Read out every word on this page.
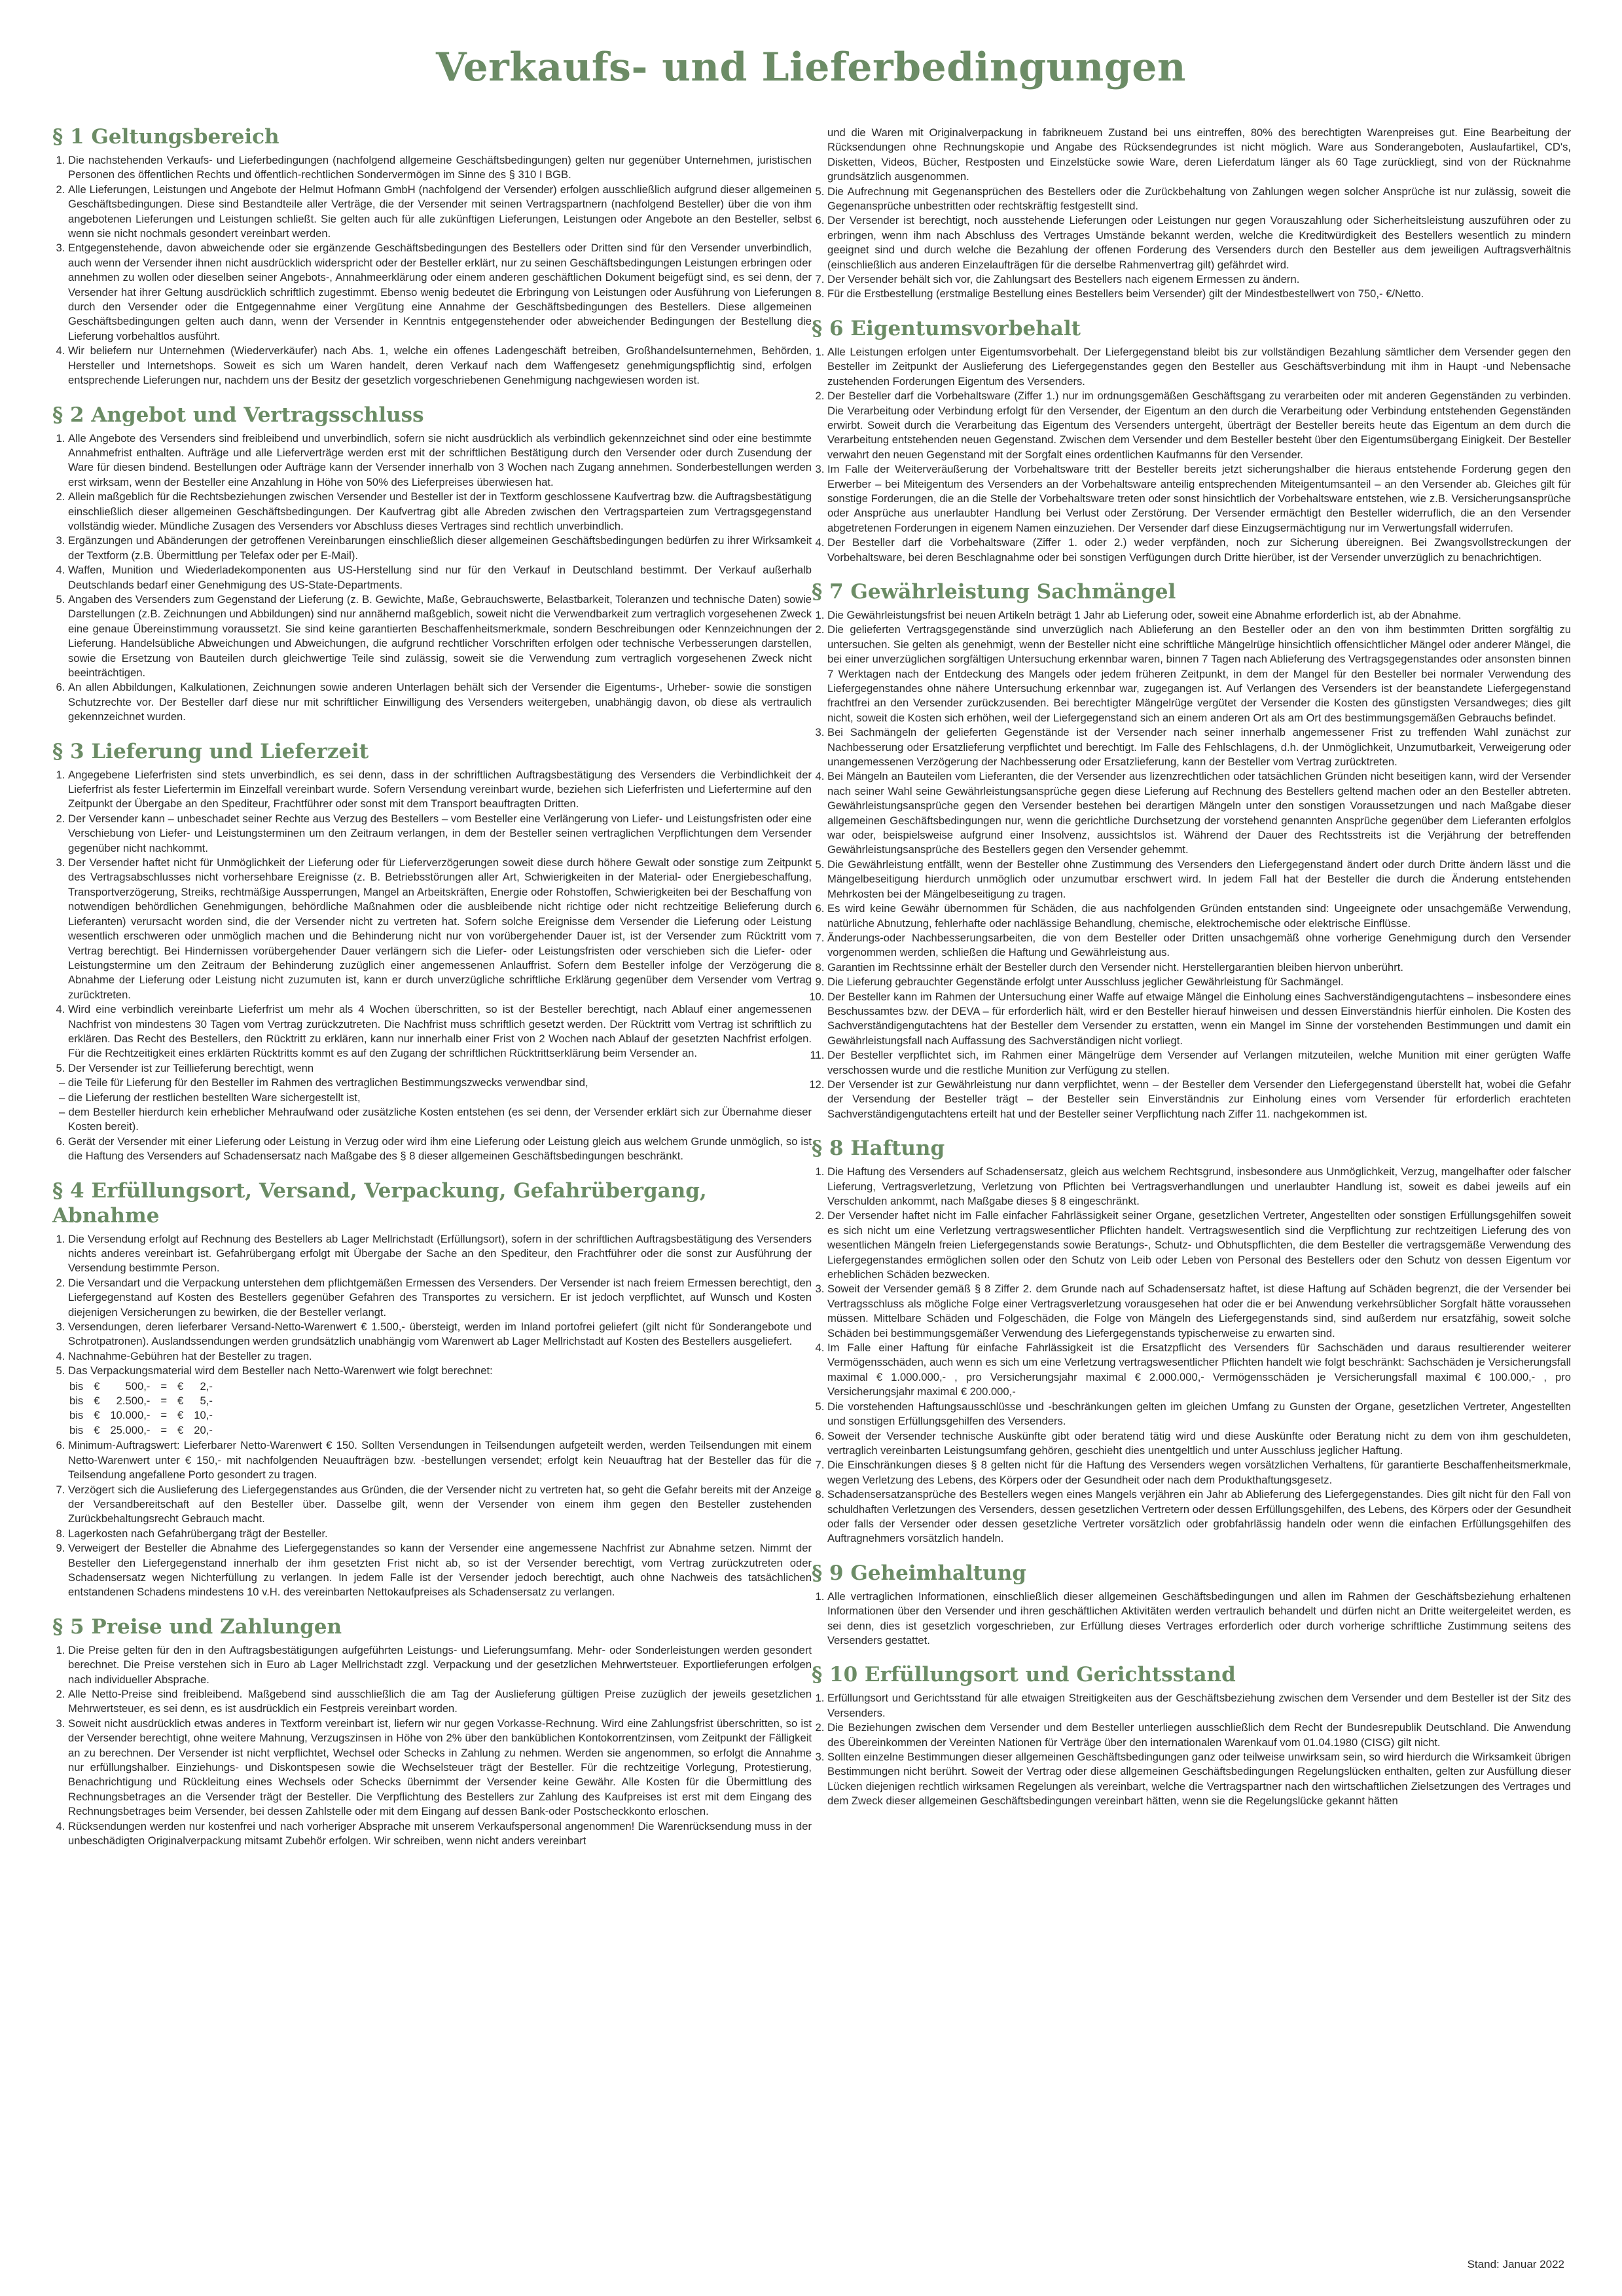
Verkaufs- und Lieferbedingungen
§ 1 Geltungsbereich
1. Die nachstehenden Verkaufs- und Lieferbedingungen (nachfolgend allgemeine Geschäftsbedingungen) gelten nur gegenüber Unternehmen, juristischen Personen des öffentlichen Rechts und öffentlich-rechtlichen Sondervermögen im Sinne des § 310 I BGB.
2. Alle Lieferungen, Leistungen und Angebote der Helmut Hofmann GmbH (nachfolgend der Versender) erfolgen ausschließlich aufgrund dieser allgemeinen Geschäftsbedingungen. Diese sind Bestandteile aller Verträge, die der Versender mit seinen Vertragspartnern (nachfolgend Besteller) über die von ihm angebotenen Lieferungen und Leistungen schließt. Sie gelten auch für alle zukünftigen Lieferungen, Leistungen oder Angebote an den Besteller, selbst wenn sie nicht nochmals gesondert vereinbart werden.
3. Entgegenstehende, davon abweichende oder sie ergänzende Geschäftsbedingungen des Bestellers oder Dritten sind für den Versender unverbindlich, auch wenn der Versender ihnen nicht ausdrücklich widerspricht oder der Besteller erklärt, nur zu seinen Geschäftsbedingungen Leistungen erbringen oder annehmen zu wollen oder dieselben seiner Angebots-, Annahmeerklärung oder einem anderen geschäftlichen Dokument beigefügt sind, es sei denn, der Versender hat ihrer Geltung ausdrücklich schriftlich zugestimmt. Ebenso wenig bedeutet die Erbringung von Leistungen oder Ausführung von Lieferungen durch den Versender oder die Entgegennahme einer Vergütung eine Annahme der Geschäftsbedingungen des Bestellers. Diese allgemeinen Geschäftsbedingungen gelten auch dann, wenn der Versender in Kenntnis entgegenstehender oder abweichender Bedingungen der Bestellung die Lieferung vorbehaltlos ausführt.
4. Wir beliefern nur Unternehmen (Wiederverkäufer) nach Abs. 1, welche ein offenes Ladengeschäft betreiben, Großhandelsunternehmen, Behörden, Hersteller und Internetshops. Soweit es sich um Waren handelt, deren Verkauf nach dem Waffengesetz genehmigungspflichtig sind, erfolgen entsprechende Lieferungen nur, nachdem uns der Besitz der gesetzlich vorgeschriebenen Genehmigung nachgewiesen worden ist.
§ 2 Angebot und Vertragsschluss
1. Alle Angebote des Versenders sind freibleibend und unverbindlich, sofern sie nicht ausdrücklich als verbindlich gekennzeichnet sind oder eine bestimmte Annahmefrist enthalten. Aufträge und alle Lieferverträge werden erst mit der schriftlichen Bestätigung durch den Versender oder durch Zusendung der Ware für diesen bindend. Bestellungen oder Aufträge kann der Versender innerhalb von 3 Wochen nach Zugang annehmen. Sonderbestellungen werden erst wirksam, wenn der Besteller eine Anzahlung in Höhe von 50% des Lieferpreises überwiesen hat.
2. Allein maßgeblich für die Rechtsbeziehungen zwischen Versender und Besteller ist der in Textform geschlossene Kaufvertrag bzw. die Auftragsbestätigung einschließlich dieser allgemeinen Geschäftsbedingungen. Der Kaufvertrag gibt alle Abreden zwischen den Vertragsparteien zum Vertragsgegenstand vollständig wieder. Mündliche Zusagen des Versenders vor Abschluss dieses Vertrages sind rechtlich unverbindlich.
3. Ergänzungen und Abänderungen der getroffenen Vereinbarungen einschließlich dieser allgemeinen Geschäftsbedingungen bedürfen zu ihrer Wirksamkeit der Textform (z.B. Übermittlung per Telefax oder per E-Mail).
4. Waffen, Munition und Wiederladekomponenten aus US-Herstellung sind nur für den Verkauf in Deutschland bestimmt. Der Verkauf außerhalb Deutschlands bedarf einer Genehmigung des US-State-Departments.
5. Angaben des Versenders zum Gegenstand der Lieferung (z. B. Gewichte, Maße, Gebrauchswerte, Belastbarkeit, Toleranzen und technische Daten) sowie Darstellungen (z.B. Zeichnungen und Abbildungen) sind nur annähernd maßgeblich, soweit nicht die Verwendbarkeit zum vertraglich vorgesehenen Zweck eine genaue Übereinstimmung voraussetzt. Sie sind keine garantierten Beschaffenheitsmerkmale, sondern Beschreibungen oder Kennzeichnungen der Lieferung. Handelsübliche Abweichungen und Abweichungen, die aufgrund rechtlicher Vorschriften erfolgen oder technische Verbesserungen darstellen, sowie die Ersetzung von Bauteilen durch gleichwertige Teile sind zulässig, soweit sie die Verwendung zum vertraglich vorgesehenen Zweck nicht beeinträchtigen.
6. An allen Abbildungen, Kalkulationen, Zeichnungen sowie anderen Unterlagen behält sich der Versender die Eigentums-, Urheber- sowie die sonstigen Schutzrechte vor. Der Besteller darf diese nur mit schriftlicher Einwilligung des Versenders weitergeben, unabhängig davon, ob diese als vertraulich gekennzeichnet wurden.
§ 3 Lieferung und Lieferzeit
1. Angegebene Lieferfristen sind stets unverbindlich, es sei denn, dass in der schriftlichen Auftragsbestätigung des Versenders die Verbindlichkeit der Lieferfrist als fester Liefertermin im Einzelfall vereinbart wurde. Sofern Versendung vereinbart wurde, beziehen sich Lieferfristen und Liefertermine auf den Zeitpunkt der Übergabe an den Spediteur, Frachtführer oder sonst mit dem Transport beauftragten Dritten.
2. Der Versender kann – unbeschadet seiner Rechte aus Verzug des Bestellers – vom Besteller eine Verlängerung von Liefer- und Leistungsfristen oder eine Verschiebung von Liefer- und Leistungsterminen um den Zeitraum verlangen, in dem der Besteller seinen vertraglichen Verpflichtungen dem Versender gegenüber nicht nachkommt.
3. Der Versender haftet nicht für Unmöglichkeit der Lieferung oder für Lieferverzögerungen soweit diese durch höhere Gewalt oder sonstige zum Zeitpunkt des Vertragsabschlusses nicht vorhersehbare Ereignisse (z. B. Betriebsstörungen aller Art, Schwierigkeiten in der Material- oder Energiebeschaffung, Transportverzögerung, Streiks, rechtmäßige Aussperrungen, Mangel an Arbeitskräften, Energie oder Rohstoffen, Schwierigkeiten bei der Beschaffung von notwendigen behördlichen Genehmigungen, behördliche Maßnahmen oder die ausbleibende nicht richtige oder nicht rechtzeitige Belieferung durch Lieferanten) verursacht worden sind, die der Versender nicht zu vertreten hat. Sofern solche Ereignisse dem Versender die Lieferung oder Leistung wesentlich erschweren oder unmöglich machen und die Behinderung nicht nur von vorübergehender Dauer ist, ist der Versender zum Rücktritt vom Vertrag berechtigt. Bei Hindernissen vorübergehender Dauer verlängern sich die Liefer- oder Leistungsfristen oder verschieben sich die Liefer- oder Leistungstermine um den Zeitraum der Behinderung zuzüglich einer angemessenen Anlauffrist. Sofern dem Besteller infolge der Verzögerung die Abnahme der Lieferung oder Leistung nicht zuzumuten ist, kann er durch unverzügliche schriftliche Erklärung gegenüber dem Versender vom Vertrag zurücktreten.
4. Wird eine verbindlich vereinbarte Lieferfrist um mehr als 4 Wochen überschritten, so ist der Besteller berechtigt, nach Ablauf einer angemessenen Nachfrist von mindestens 30 Tagen vom Vertrag zurückzutreten. Die Nachfrist muss schriftlich gesetzt werden. Der Rücktritt vom Vertrag ist schriftlich zu erklären. Das Recht des Bestellers, den Rücktritt zu erklären, kann nur innerhalb einer Frist von 2 Wochen nach Ablauf der gesetzten Nachfrist erfolgen. Für die Rechtzeitigkeit eines erklärten Rücktritts kommt es auf den Zugang der schriftlichen Rücktrittserklärung beim Versender an.
5. Der Versender ist zur Teillieferung berechtigt, wenn
– die Teile für Lieferung für den Besteller im Rahmen des vertraglichen Bestimmungszwecks verwendbar sind,
– die Lieferung der restlichen bestellten Ware sichergestellt ist,
– dem Besteller hierdurch kein erheblicher Mehraufwand oder zusätzliche Kosten entstehen (es sei denn, der Versender erklärt sich zur Übernahme dieser Kosten bereit).
6. Gerät der Versender mit einer Lieferung oder Leistung in Verzug oder wird ihm eine Lieferung oder Leistung gleich aus welchem Grunde unmöglich, so ist die Haftung des Versenders auf Schadensersatz nach Maßgabe des § 8 dieser allgemeinen Geschäftsbedingungen beschränkt.
§ 4 Erfüllungsort, Versand, Verpackung, Gefahrübergang, Abnahme
1. Die Versendung erfolgt auf Rechnung des Bestellers ab Lager Mellrichstadt (Erfüllungsort), sofern in der schriftlichen Auftragsbestätigung des Versenders nichts anderes vereinbart ist. Gefahrübergang erfolgt mit Übergabe der Sache an den Spediteur, den Frachtführer oder die sonst zur Ausführung der Versendung bestimmte Person.
2. Die Versandart und die Verpackung unterstehen dem pflichtgemäßen Ermessen des Versenders. Der Versender ist nach freiem Ermessen berechtigt, den Liefergegenstand auf Kosten des Bestellers gegenüber Gefahren des Transportes zu versichern. Er ist jedoch verpflichtet, auf Wunsch und Kosten diejenigen Versicherungen zu bewirken, die der Besteller verlangt.
3. Versendungen, deren lieferbarer Versand-Netto-Warenwert € 1.500,- übersteigt, werden im Inland portofrei geliefert (gilt nicht für Sonderangebote und Schrotpatronen). Auslandssendungen werden grundsätzlich unabhängig vom Warenwert ab Lager Mellrichstadt auf Kosten des Bestellers ausgeliefert.
4. Nachnahme-Gebühren hat der Besteller zu tragen.
5. Das Verpackungsmaterial wird dem Besteller nach Netto-Warenwert wie folgt berechnet:
bis	€	500,-	=	€	2,-
bis	€	2.500,-	=	€	5,-
bis	€	10.000,-	=	€	10,-
bis	€	25.000,-	=	€	20,-
6. Minimum-Auftragswert: Lieferbarer Netto-Warenwert € 150. Sollten Versendungen in Teilsendungen aufgeteilt werden, werden Teilsendungen mit einem Netto-Warenwert unter € 150,- mit nachfolgenden Neuaufträgen bzw. -bestellungen versendet; erfolgt kein Neuauftrag hat der Besteller das für die Teilsendung angefallene Porto gesondert zu tragen.
7. Verzögert sich die Auslieferung des Liefergegenstandes aus Gründen, die der Versender nicht zu vertreten hat, so geht die Gefahr bereits mit der Anzeige der Versandbereitschaft auf den Besteller über. Dasselbe gilt, wenn der Versender von einem ihm gegen den Besteller zustehenden Zurückbehaltungsrecht Gebrauch macht.
8. Lagerkosten nach Gefahrübergang trägt der Besteller.
9. Verweigert der Besteller die Abnahme des Liefergegenstandes so kann der Versender eine angemessene Nachfrist zur Abnahme setzen. Nimmt der Besteller den Liefergegenstand innerhalb der ihm gesetzten Frist nicht ab, so ist der Versender berechtigt, vom Vertrag zurückzutreten oder Schadensersatz wegen Nichterfüllung zu verlangen. In jedem Falle ist der Versender jedoch berechtigt, auch ohne Nachweis des tatsächlichen entstandenen Schadens mindestens 10 v.H. des vereinbarten Nettokaufpreises als Schadensersatz zu verlangen.
§ 5 Preise und Zahlungen
1. Die Preise gelten für den in den Auftragsbestätigungen aufgeführten Leistungs- und Lieferungsumfang. Mehr- oder Sonderleistungen werden gesondert berechnet. Die Preise verstehen sich in Euro ab Lager Mellrichstadt zzgl. Verpackung und der gesetzlichen Mehrwertsteuer. Exportlieferungen erfolgen nach individueller Absprache.
2. Alle Netto-Preise sind freibleibend. Maßgebend sind ausschließlich die am Tag der Auslieferung gültigen Preise zuzüglich der jeweils gesetzlichen Mehrwertsteuer, es sei denn, es ist ausdrücklich ein Festpreis vereinbart worden.
3. Soweit nicht ausdrücklich etwas anderes in Textform vereinbart ist, liefern wir nur gegen Vorkasse-Rechnung. Wird eine Zahlungsfrist überschritten, so ist der Versender berechtigt, ohne weitere Mahnung, Verzugszinsen in Höhe von 2% über den banküblichen Kontokorrentzinsen, vom Zeitpunkt der Fälligkeit an zu berechnen. Der Versender ist nicht verpflichtet, Wechsel oder Schecks in Zahlung zu nehmen. Werden sie angenommen, so erfolgt die Annahme nur erfüllungshalber. Einziehungs- und Diskontspesen sowie die Wechselsteuer trägt der Besteller. Für die rechtzeitige Vorlegung, Protestierung, Benachrichtigung und Rückleitung eines Wechsels oder Schecks übernimmt der Versender keine Gewähr. Alle Kosten für die Übermittlung des Rechnungsbetrages an die Versender trägt der Besteller. Die Verpflichtung des Bestellers zur Zahlung des Kaufpreises ist erst mit dem Eingang des Rechnungsbetrages beim Versender, bei dessen Zahlstelle oder mit dem Eingang auf dessen Bank-oder Postscheckkonto erloschen.
4. Rücksendungen werden nur kostenfrei und nach vorheriger Absprache mit unserem Verkaufspersonal angenommen! Die Warenrücksendung muss in der unbeschädigten Originalverpackung mitsamt Zubehör erfolgen. Wir schreiben, wenn nicht anders vereinbart
und die Waren mit Originalverpackung in fabrikneuem Zustand bei uns eintreffen, 80% des berechtigten Warenpreises gut. Eine Bearbeitung der Rücksendungen ohne Rechnungskopie und Angabe des Rücksendegrundes ist nicht möglich. Ware aus Sonderangeboten, Auslaufartikel, CD's, Disketten, Videos, Bücher, Restposten und Einzelstücke sowie Ware, deren Lieferdatum länger als 60 Tage zurückliegt, sind von der Rücknahme grundsätzlich ausgenommen.
5. Die Aufrechnung mit Gegenansprüchen des Bestellers oder die Zurückbehaltung von Zahlungen wegen solcher Ansprüche ist nur zulässig, soweit die Gegenansprüche unbestritten oder rechtskräftig festgestellt sind.
6. Der Versender ist berechtigt, noch ausstehende Lieferungen oder Leistungen nur gegen Vorauszahlung oder Sicherheitsleistung auszuführen oder zu erbringen, wenn ihm nach Abschluss des Vertrages Umstände bekannt werden, welche die Kreditwürdigkeit des Bestellers wesentlich zu mindern geeignet sind und durch welche die Bezahlung der offenen Forderung des Versenders durch den Besteller aus dem jeweiligen Auftragsverhältnis (einschließlich aus anderen Einzelaufträgen für die derselbe Rahmenvertrag gilt) gefährdet wird.
7. Der Versender behält sich vor, die Zahlungsart des Bestellers nach eigenem Ermessen zu ändern.
8. Für die Erstbestellung (erstmalige Bestellung eines Bestellers beim Versender) gilt der Mindestbestellwert von 750,- €/Netto.
§ 6 Eigentumsvorbehalt
1. Alle Leistungen erfolgen unter Eigentumsvorbehalt. Der Liefergegenstand bleibt bis zur vollständigen Bezahlung sämtlicher dem Versender gegen den Besteller im Zeitpunkt der Auslieferung des Liefergegenstandes gegen den Besteller aus Geschäftsverbindung mit ihm in Haupt -und Nebensache zustehenden Forderungen Eigentum des Versenders.
2. Der Besteller darf die Vorbehaltsware (Ziffer 1.) nur im ordnungsgemäßen Geschäftsgang zu verarbeiten oder mit anderen Gegenständen zu verbinden. Die Verarbeitung oder Verbindung erfolgt für den Versender, der Eigentum an den durch die Verarbeitung oder Verbindung entstehenden Gegenständen erwirbt. Soweit durch die Verarbeitung das Eigentum des Versenders untergeht, überträgt der Besteller bereits heute das Eigentum an dem durch die Verarbeitung entstehenden neuen Gegenstand. Zwischen dem Versender und dem Besteller besteht über den Eigentumsübergang Einigkeit. Der Besteller verwahrt den neuen Gegenstand mit der Sorgfalt eines ordentlichen Kaufmanns für den Versender.
3. Im Falle der Weiterveräußerung der Vorbehaltsware tritt der Besteller bereits jetzt sicherungshalber die hieraus entstehende Forderung gegen den Erwerber – bei Miteigentum des Versenders an der Vorbehaltsware anteilig entsprechenden Miteigentumsanteil – an den Versender ab. Gleiches gilt für sonstige Forderungen, die an die Stelle der Vorbehaltsware treten oder sonst hinsichtlich der Vorbehaltsware entstehen, wie z.B. Versicherungsansprüche oder Ansprüche aus unerlaubter Handlung bei Verlust oder Zerstörung. Der Versender ermächtigt den Besteller widerruflich, die an den Versender abgetretenen Forderungen in eigenem Namen einzuziehen. Der Versender darf diese Einzugsermächtigung nur im Verwertungsfall widerrufen.
4. Der Besteller darf die Vorbehaltsware (Ziffer 1. oder 2.) weder verpfänden, noch zur Sicherung übereignen. Bei Zwangsvollstreckungen der Vorbehaltsware, bei deren Beschlagnahme oder bei sonstigen Verfügungen durch Dritte hierüber, ist der Versender unverzüglich zu benachrichtigen.
§ 7 Gewährleistung Sachmängel
1. Die Gewährleistungsfrist bei neuen Artikeln beträgt 1 Jahr ab Lieferung oder, soweit eine Abnahme erforderlich ist, ab der Abnahme.
2. Die gelieferten Vertragsgegenstände sind unverzüglich nach Ablieferung an den Besteller oder an den von ihm bestimmten Dritten sorgfältig zu untersuchen. Sie gelten als genehmigt, wenn der Besteller nicht eine schriftliche Mängelrüge hinsichtlich offensichtlicher Mängel oder anderer Mängel, die bei einer unverzüglichen sorgfältigen Untersuchung erkennbar waren, binnen 7 Tagen nach Ablieferung des Vertragsgegenstandes oder ansonsten binnen 7 Werktagen nach der Entdeckung des Mangels oder jedem früheren Zeitpunkt, in dem der Mangel für den Besteller bei normaler Verwendung des Liefergegenstandes ohne nähere Untersuchung erkennbar war, zugegangen ist. Auf Verlangen des Versenders ist der beanstandete Liefergegenstand frachtfrei an den Versender zurückzusenden. Bei berechtigter Mängelrüge vergütet der Versender die Kosten des günstigsten Versandweges; dies gilt nicht, soweit die Kosten sich erhöhen, weil der Liefergegenstand sich an einem anderen Ort als am Ort des bestimmungsgemäßen Gebrauchs befindet.
3. Bei Sachmängeln der gelieferten Gegenstände ist der Versender nach seiner innerhalb angemessener Frist zu treffenden Wahl zunächst zur Nachbesserung oder Ersatzlieferung verpflichtet und berechtigt. Im Falle des Fehlschlagens, d.h. der Unmöglichkeit, Unzumutbarkeit, Verweigerung oder unangemessenen Verzögerung der Nachbesserung oder Ersatzlieferung, kann der Besteller vom Vertrag zurücktreten.
4. Bei Mängeln an Bauteilen vom Lieferanten, die der Versender aus lizenzrechtlichen oder tatsächlichen Gründen nicht beseitigen kann, wird der Versender nach seiner Wahl seine Gewährleistungsansprüche gegen diese Lieferung auf Rechnung des Bestellers geltend machen oder an den Besteller abtreten. Gewährleistungsansprüche gegen den Versender bestehen bei derartigen Mängeln unter den sonstigen Voraussetzungen und nach Maßgabe dieser allgemeinen Geschäftsbedingungen nur, wenn die gerichtliche Durchsetzung der vorstehend genannten Ansprüche gegenüber dem Lieferanten erfolglos war oder, beispielsweise aufgrund einer Insolvenz, aussichtslos ist. Während der Dauer des Rechtsstreits ist die Verjährung der betreffenden Gewährleistungsansprüche des Bestellers gegen den Versender gehemmt.
5. Die Gewährleistung entfällt, wenn der Besteller ohne Zustimmung des Versenders den Liefergegenstand ändert oder durch Dritte ändern lässt und die Mängelbeseitigung hierdurch unmöglich oder unzumutbar erschwert wird. In jedem Fall hat der Besteller die durch die Änderung entstehenden Mehrkosten bei der Mängelbeseitigung zu tragen.
6. Es wird keine Gewähr übernommen für Schäden, die aus nachfolgenden Gründen entstanden sind: Ungeeignete oder unsachgemäße Verwendung, natürliche Abnutzung, fehlerhafte oder nachlässige Behandlung, chemische, elektrochemische oder elektrische Einflüsse.
7. Änderungs-oder Nachbesserungsarbeiten, die von dem Besteller oder Dritten unsachgemäß ohne vorherige Genehmigung durch den Versender vorgenommen werden, schließen die Haftung und Gewährleistung aus.
8. Garantien im Rechtssinne erhält der Besteller durch den Versender nicht. Herstellergarantien bleiben hiervon unberührt.
9. Die Lieferung gebrauchter Gegenstände erfolgt unter Ausschluss jeglicher Gewährleistung für Sachmängel.
10. Der Besteller kann im Rahmen der Untersuchung einer Waffe auf etwaige Mängel die Einholung eines Sachverständigengutachtens – insbesondere eines Beschussamtes bzw. der DEVA – für erforderlich hält, wird er den Besteller hierauf hinweisen und dessen Einverständnis hierfür einholen. Die Kosten des Sachverständigengutachtens hat der Besteller dem Versender zu erstatten, wenn ein Mangel im Sinne der vorstehenden Bestimmungen und damit ein Gewährleistungsfall nach Auffassung des Sachverständigen nicht vorliegt.
11. Der Besteller verpflichtet sich, im Rahmen einer Mängelrüge dem Versender auf Verlangen mitzuteilen, welche Munition mit einer gerügten Waffe verschossen wurde und die restliche Munition zur Verfügung zu stellen.
12. Der Versender ist zur Gewährleistung nur dann verpflichtet, wenn – der Besteller dem Versender den Liefergegenstand überstellt hat, wobei die Gefahr der Versendung der Besteller trägt – der Besteller sein Einverständnis zur Einholung eines vom Versender für erforderlich erachteten Sachverständigengutachtens erteilt hat und der Besteller seiner Verpflichtung nach Ziffer 11. nachgekommen ist.
§ 8 Haftung
1. Die Haftung des Versenders auf Schadensersatz, gleich aus welchem Rechtsgrund, insbesondere aus Unmöglichkeit, Verzug, mangelhafter oder falscher Lieferung, Vertragsverletzung, Verletzung von Pflichten bei Vertragsverhandlungen und unerlaubter Handlung ist, soweit es dabei jeweils auf ein Verschulden ankommt, nach Maßgabe dieses § 8 eingeschränkt.
2. Der Versender haftet nicht im Falle einfacher Fahrlässigkeit seiner Organe, gesetzlichen Vertreter, Angestellten oder sonstigen Erfüllungsgehilfen soweit es sich nicht um eine Verletzung vertragswesentlicher Pflichten handelt. Vertragswesentlich sind die Verpflichtung zur rechtzeitigen Lieferung des von wesentlichen Mängeln freien Liefergegenstands sowie Beratungs-, Schutz- und Obhutspflichten, die dem Besteller die vertragsgemäße Verwendung des Liefergegenstandes ermöglichen sollen oder den Schutz von Leib oder Leben von Personal des Bestellers oder den Schutz von dessen Eigentum vor erheblichen Schäden bezwecken.
3. Soweit der Versender gemäß § 8 Ziffer 2. dem Grunde nach auf Schadensersatz haftet, ist diese Haftung auf Schäden begrenzt, die der Versender bei Vertragsschluss als mögliche Folge einer Vertragsverletzung vorausgesehen hat oder die er bei Anwendung verkehrsüblicher Sorgfalt hätte voraussehen müssen. Mittelbare Schäden und Folgeschäden, die Folge von Mängeln des Liefergegenstands sind, sind außerdem nur ersatzfähig, soweit solche Schäden bei bestimmungsgemäßer Verwendung des Liefergegenstands typischerweise zu erwarten sind.
4. Im Falle einer Haftung für einfache Fahrlässigkeit ist die Ersatzpflicht des Versenders für Sachschäden und daraus resultierender weiterer Vermögensschäden, auch wenn es sich um eine Verletzung vertragswesentlicher Pflichten handelt wie folgt beschränkt: Sachschäden je Versicherungsfall maximal € 1.000.000,- , pro Versicherungsjahr maximal € 2.000.000,- Vermögensschäden je Versicherungsfall maximal € 100.000,- , pro Versicherungsjahr maximal € 200.000,-
5. Die vorstehenden Haftungsausschlüsse und -beschränkungen gelten im gleichen Umfang zu Gunsten der Organe, gesetzlichen Vertreter, Angestellten und sonstigen Erfüllungsgehilfen des Versenders.
6. Soweit der Versender technische Auskünfte gibt oder beratend tätig wird und diese Auskünfte oder Beratung nicht zu dem von ihm geschuldeten, vertraglich vereinbarten Leistungsumfang gehören, geschieht dies unentgeltlich und unter Ausschluss jeglicher Haftung.
7. Die Einschränkungen dieses § 8 gelten nicht für die Haftung des Versenders wegen vorsätzlichen Verhaltens, für garantierte Beschaffenheitsmerkmale, wegen Verletzung des Lebens, des Körpers oder der Gesundheit oder nach dem Produkthaftungsgesetz.
8. Schadensersatzansprüche des Bestellers wegen eines Mangels verjähren ein Jahr ab Ablieferung des Liefergegenstandes. Dies gilt nicht für den Fall von schuldhaften Verletzungen des Versenders, dessen gesetzlichen Vertretern oder dessen Erfüllungsgehilfen, des Lebens, des Körpers oder der Gesundheit oder falls der Versender oder dessen gesetzliche Vertreter vorsätzlich oder grobfahrlässig handeln oder wenn die einfachen Erfüllungsgehilfen des Auftragnehmers vorsätzlich handeln.
§ 9 Geheimhaltung
1. Alle vertraglichen Informationen, einschließlich dieser allgemeinen Geschäftsbedingungen und allen im Rahmen der Geschäftsbeziehung erhaltenen Informationen über den Versender und ihren geschäftlichen Aktivitäten werden vertraulich behandelt und dürfen nicht an Dritte weitergeleitet werden, es sei denn, dies ist gesetzlich vorgeschrieben, zur Erfüllung dieses Vertrages erforderlich oder durch vorherige schriftliche Zustimmung seitens des Versenders gestattet.
§ 10 Erfüllungsort und Gerichtsstand
1. Erfüllungsort und Gerichtsstand für alle etwaigen Streitigkeiten aus der Geschäftsbeziehung zwischen dem Versender und dem Besteller ist der Sitz des Versenders.
2. Die Beziehungen zwischen dem Versender und dem Besteller unterliegen ausschließlich dem Recht der Bundesrepublik Deutschland. Die Anwendung des Übereinkommen der Vereinten Nationen für Verträge über den internationalen Warenkauf vom 01.04.1980 (CISG) gilt nicht.
3. Sollten einzelne Bestimmungen dieser allgemeinen Geschäftsbedingungen ganz oder teilweise unwirksam sein, so wird hierdurch die Wirksamkeit übrigen Bestimmungen nicht berührt. Soweit der Vertrag oder diese allgemeinen Geschäftsbedingungen Regelungslücken enthalten, gelten zur Ausfüllung dieser Lücken diejenigen rechtlich wirksamen Regelungen als vereinbart, welche die Vertragspartner nach den wirtschaftlichen Zielsetzungen des Vertrages und dem Zweck dieser allgemeinen Geschäftsbedingungen vereinbart hätten, wenn sie die Regelungslücke gekannt hätten
Stand: Januar 2022
